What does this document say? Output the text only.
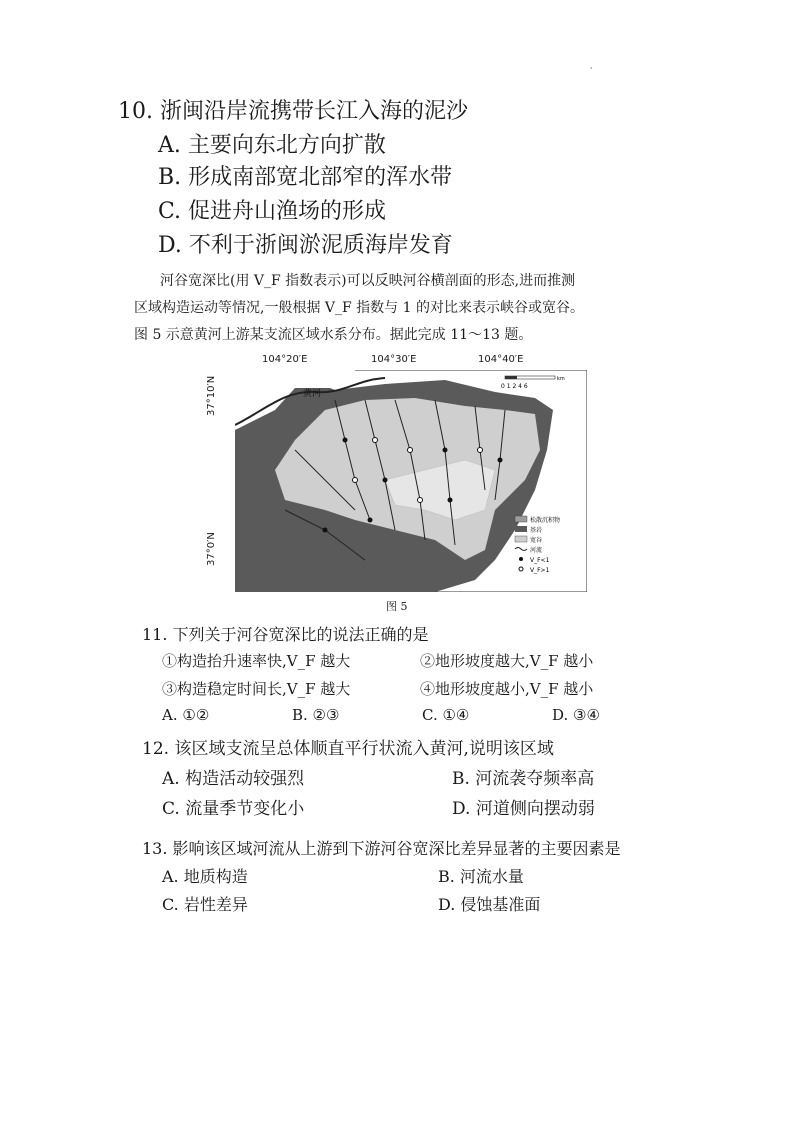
·
10. 浙闽沿岸流携带长江入海的泥沙
A. 主要向东北方向扩散
B. 形成南部宽北部窄的浑水带
C. 促进舟山渔场的形成
D. 不利于浙闽淤泥质海岸发育
河谷宽深比(用 V_F 指数表示)可以反映河谷横剖面的形态,进而推测
区域构造运动等情况,一般根据 V_F 指数与 1 的对比来表示峡谷或宽谷。
图 5 示意黄河上游某支流区域水系分布。据此完成 11～13 题。
黄河
0 1 2 4 6
km
松散沉积物
基岩
宽谷
河流
V_F<1
V_F>1
104°20′E	104°30′E	104°40′E
37°10′N
37°0′N
图 5
11. 下列关于河谷宽深比的说法正确的是
①构造抬升速率快,V_F 越大	②地形坡度越大,V_F 越小
③构造稳定时间长,V_F 越大	④地形坡度越小,V_F 越小
A. ①②	B. ②③	C. ①④	D. ③④
12. 该区域支流呈总体顺直平行状流入黄河,说明该区域
A. 构造活动较强烈	B. 河流袭夺频率高
C. 流量季节变化小	D. 河道侧向摆动弱
13. 影响该区域河流从上游到下游河谷宽深比差异显著的主要因素是
A. 地质构造	B. 河流水量
C. 岩性差异	D. 侵蚀基准面
